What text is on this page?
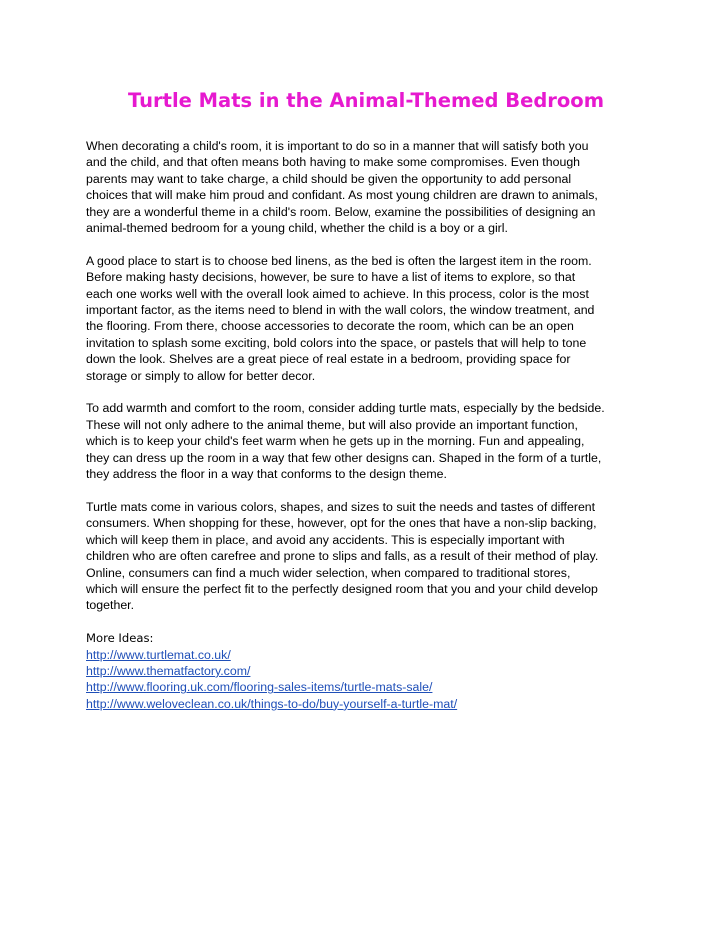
Turtle Mats in the Animal-Themed Bedroom

When decorating a child's room, it is important to do so in a manner that will satisfy both you
and the child, and that often means both having to make some compromises. Even though
parents may want to take charge, a child should be given the opportunity to add personal
choices that will make him proud and confidant. As most young children are drawn to animals,
they are a wonderful theme in a child's room. Below, examine the possibilities of designing an
animal-themed bedroom for a young child, whether the child is a boy or a girl.

A good place to start is to choose bed linens, as the bed is often the largest item in the room.
Before making hasty decisions, however, be sure to have a list of items to explore, so that
each one works well with the overall look aimed to achieve. In this process, color is the most
important factor, as the items need to blend in with the wall colors, the window treatment, and
the flooring. From there, choose accessories to decorate the room, which can be an open
invitation to splash some exciting, bold colors into the space, or pastels that will help to tone
down the look. Shelves are a great piece of real estate in a bedroom, providing space for
storage or simply to allow for better decor.

To add warmth and comfort to the room, consider adding turtle mats, especially by the bedside.
These will not only adhere to the animal theme, but will also provide an important function,
which is to keep your child's feet warm when he gets up in the morning. Fun and appealing,
they can dress up the room in a way that few other designs can. Shaped in the form of a turtle,
they address the floor in a way that conforms to the design theme.

Turtle mats come in various colors, shapes, and sizes to suit the needs and tastes of different
consumers. When shopping for these, however, opt for the ones that have a non-slip backing,
which will keep them in place, and avoid any accidents. This is especially important with
children who are often carefree and prone to slips and falls, as a result of their method of play.
Online, consumers can find a much wider selection, when compared to traditional stores,
which will ensure the perfect fit to the perfectly designed room that you and your child develop
together.

More Ideas:
http://www.turtlemat.co.uk/
http://www.thematfactory.com/
http://www.flooring.uk.com/flooring-sales-items/turtle-mats-sale/
http://www.weloveclean.co.uk/things-to-do/buy-yourself-a-turtle-mat/
